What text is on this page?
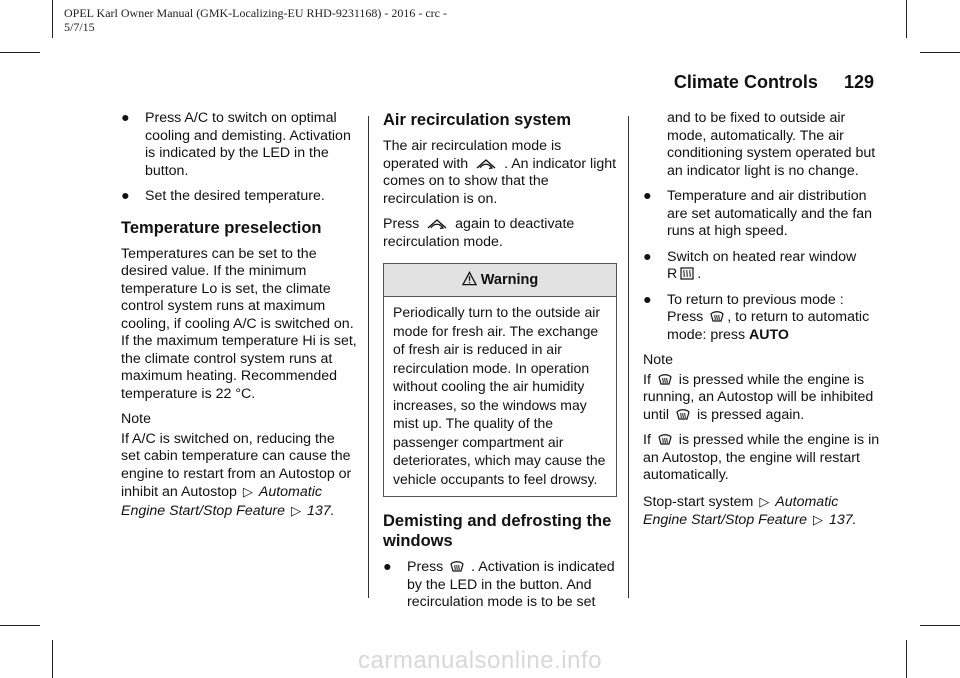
OPEL Karl Owner Manual (GMK-Localizing-EU RHD-9231168) - 2016 - crc -
5/7/15
Climate Controls 129
● Press A/C to switch on optimal cooling and demisting. Activation is indicated by the LED in the button.
● Set the desired temperature.
Temperature preselection

Temperatures can be set to the desired value. If the minimum temperature Lo is set, the climate control system runs at maximum cooling, if cooling A/C is switched on. If the maximum temperature Hi is set, the climate control system runs at maximum heating. Recommended temperature is 22 °C.

Note

If A/C is switched on, reducing the set cabin temperature can cause the engine to restart from an Autostop or inhibit an Autostop ▷ Automatic Engine Start/Stop Feature ▷ 137.

Air recirculation system

The air recirculation mode is operated with	. An indicator light comes on to show that the recirculation is on.

Press	again to deactivate recirculation mode.

Warning
Periodically turn to the outside air mode for fresh air. The exchange of fresh air is reduced in air recirculation mode. In operation without cooling the air humidity increases, so the windows may mist up. The quality of the passenger compartment air deteriorates, which may cause the vehicle occupants to feel drowsy.
Demisting and defrosting the windows
● Press . Activation is indicated by the LED in the button. And recirculation mode is to be set

and to be fixed to outside air mode, automatically. The air conditioning system operated but an indicator light is no change.

● Temperature and air distribution are set automatically and the fan runs at high speed.
● Switch on heated rear window
R .
● To return to previous mode :
Press , to return to automatic mode: press AUTO
Note

If is pressed while the engine is running, an Autostop will be inhibited until is pressed again.

If is pressed while the engine is in an Autostop, the engine will restart automatically.

Stop-start system ▷ Automatic Engine Start/Stop Feature ▷ 137.

carmanualsonline.info
